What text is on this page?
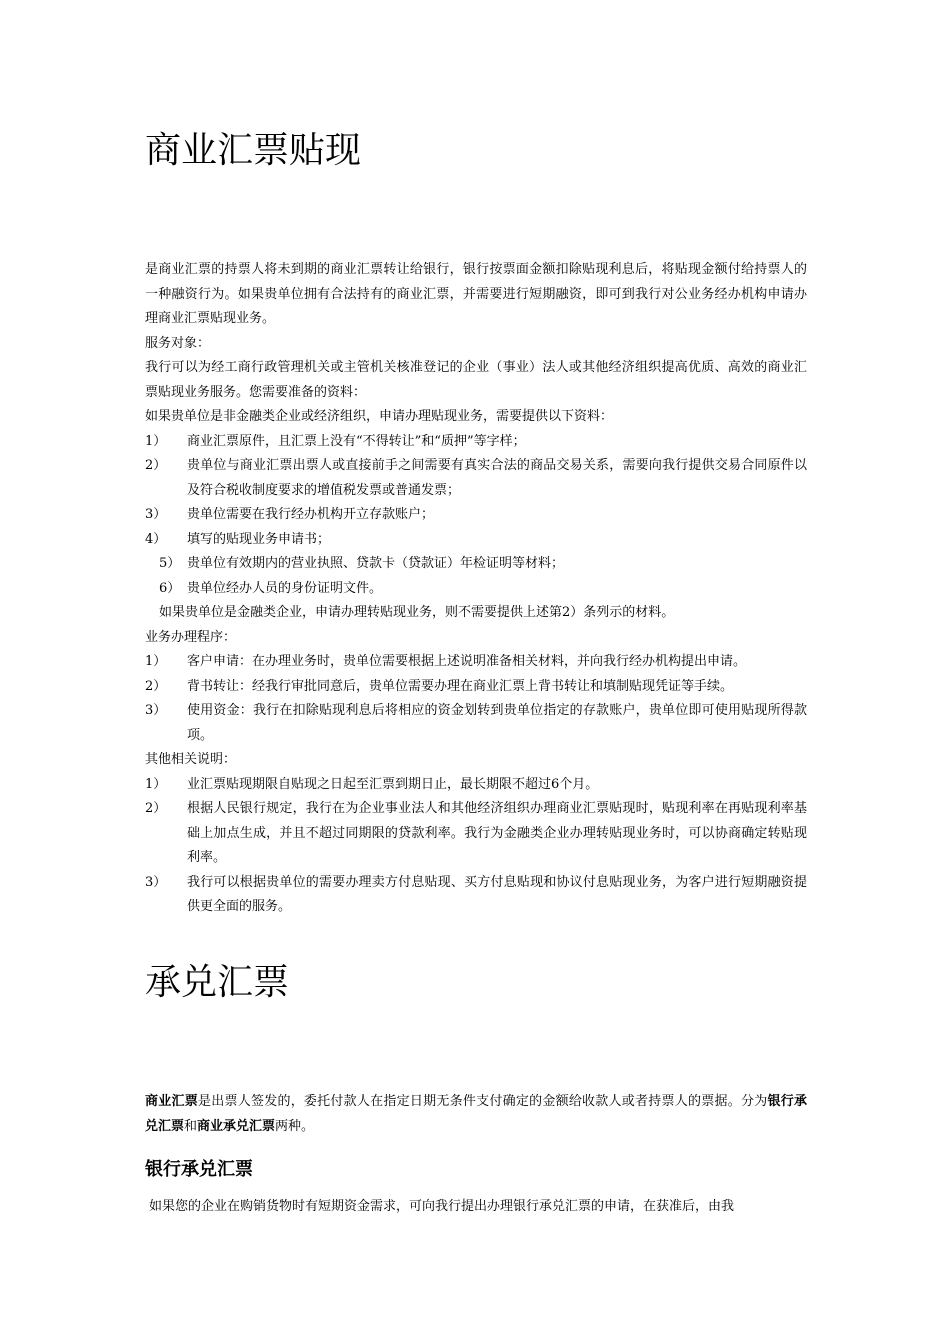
商业汇票贴现

是商业汇票的持票人将未到期的商业汇票转让给银行，银行按票面金额扣除贴现利息后，将贴现金额付给持票人的一种融资行为。如果贵单位拥有合法持有的商业汇票，并需要进行短期融资，即可到我行对公业务经办机构申请办理商业汇票贴现业务。

服务对象：

我行可以为经工商行政管理机关或主管机关核准登记的企业（事业）法人或其他经济组织提高优质、高效的商业汇票贴现业务服务。您需要准备的资料：

如果贵单位是非金融类企业或经济组织，申请办理贴现业务，需要提供以下资料：

1）	商业汇票原件，且汇票上没有“不得转让”和“质押”等字样；
2）	贵单位与商业汇票出票人或直接前手之间需要有真实合法的商品交易关系，需要向我行提供交易合同原件以及符合税收制度要求的增值税发票或普通发票；
3）	贵单位需要在我行经办机构开立存款账户；
4）	填写的贴现业务申请书；
5） 贵单位有效期内的营业执照、贷款卡（贷款证）年检证明等材料；
6） 贵单位经办人员的身份证明文件。

如果贵单位是金融类企业，申请办理转贴现业务，则不需要提供上述第2）条列示的材料。

业务办理程序：

1）	客户申请：在办理业务时，贵单位需要根据上述说明准备相关材料，并向我行经办机构提出申请。
2）	背书转让：经我行审批同意后，贵单位需要办理在商业汇票上背书转让和填制贴现凭证等手续。
3）	使用资金：我行在扣除贴现利息后将相应的资金划转到贵单位指定的存款账户，贵单位即可使用贴现所得款项。

其他相关说明：

1）	业汇票贴现期限自贴现之日起至汇票到期日止，最长期限不超过6个月。
2）	根据人民银行规定，我行在为企业事业法人和其他经济组织办理商业汇票贴现时，贴现利率在再贴现利率基础上加点生成，并且不超过同期限的贷款利率。我行为金融类企业办理转贴现业务时，可以协商确定转贴现利率。
3）	我行可以根据贵单位的需要办理卖方付息贴现、买方付息贴现和协议付息贴现业务，为客户进行短期融资提供更全面的服务。
承兑汇票

商业汇票是出票人签发的，委托付款人在指定日期无条件支付确定的金额给收款人或者持票人的票据。分为银行承兑汇票和商业承兑汇票两种。

银行承兑汇票

如果您的企业在购销货物时有短期资金需求，可向我行提出办理银行承兑汇票的申请，在获准后，由我
